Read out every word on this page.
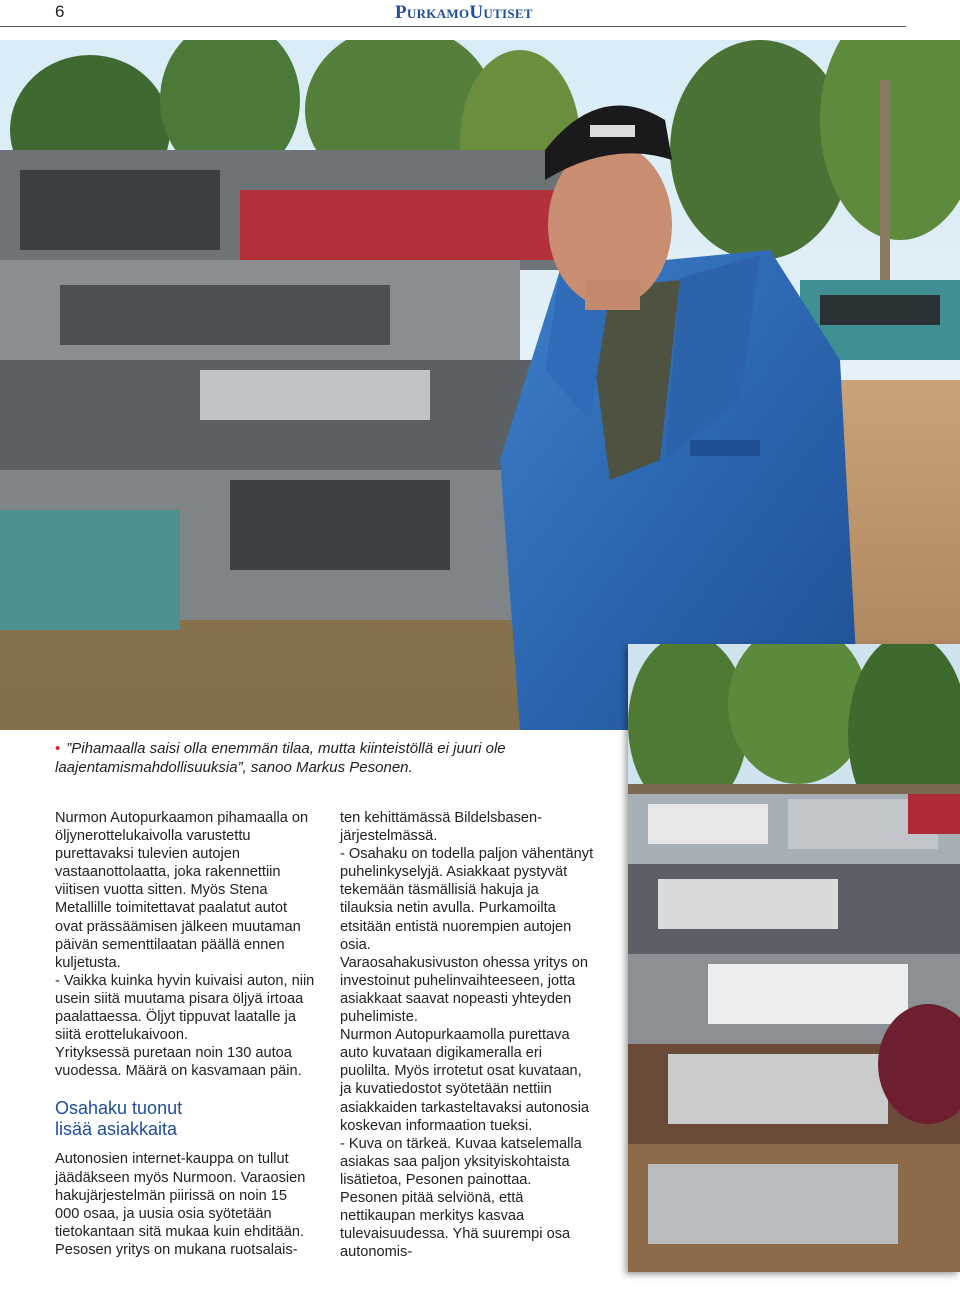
6	PurkamoUutiset
• ”Pihamaalla saisi olla enemmän tilaa, mutta kiinteistöllä ei juuri ole laajentamismahdollisuuksia”, sanoo Markus Pesonen.

Nurmon Autopurkaamon pihamaalla on öljynerottelukaivolla varustettu purettavaksi tulevien autojen vastaanottolaatta, joka rakennettiin viitisen vuotta sitten. Myös Stena Metallille toimitettavat paalatut autot ovat prässäämisen jälkeen muutaman päivän sementtilaatan päällä ennen kuljetusta.

- Vaikka kuinka hyvin kuivaisi auton, niin usein siitä muutama pisara öljyä irtoaa paalattaessa. Öljyt tippuvat laatalle ja siitä erottelukaivoon.

Yrityksessä puretaan noin 130 autoa vuodessa. Määrä on kasvamaan päin.

Osahaku tuonut
lisää asiakkaita

Autonosien internet-kauppa on tullut jäädäkseen myös Nurmoon. Varaosien hakujärjestelmän piirissä on noin 15 000 osaa, ja uusia osia syötetään tietokantaan sitä mukaa kuin ehditään. Pesosen yritys on mukana ruotsalais-

ten kehittämässä Bildelsbasen-järjestelmässä.

- Osahaku on todella paljon vähentänyt puhelinkyselyjä. Asiakkaat pystyvät tekemään täsmällisiä hakuja ja tilauksia netin avulla. Purkamoilta etsitään entistä nuorempien autojen osia.

Varaosahakusivuston ohessa yritys on investoinut puhelinvaihteeseen, jotta asiakkaat saavat nopeasti yhteyden puhelimiste.

Nurmon Autopurkaamolla purettava auto kuvataan digikameralla eri puolilta. Myös irrotetut osat kuvataan, ja kuvatiedostot syötetään nettiin asiakkaiden tarkasteltavaksi autonosia koskevan informaation tueksi.

- Kuva on tärkeä. Kuvaa katselemalla asiakas saa paljon yksityiskohtaista lisätietoa, Pesonen painottaa.

Pesonen pitää selviönä, että nettikaupan merkitys kasvaa tulevaisuudessa. Yhä suurempi osa autonomis-
